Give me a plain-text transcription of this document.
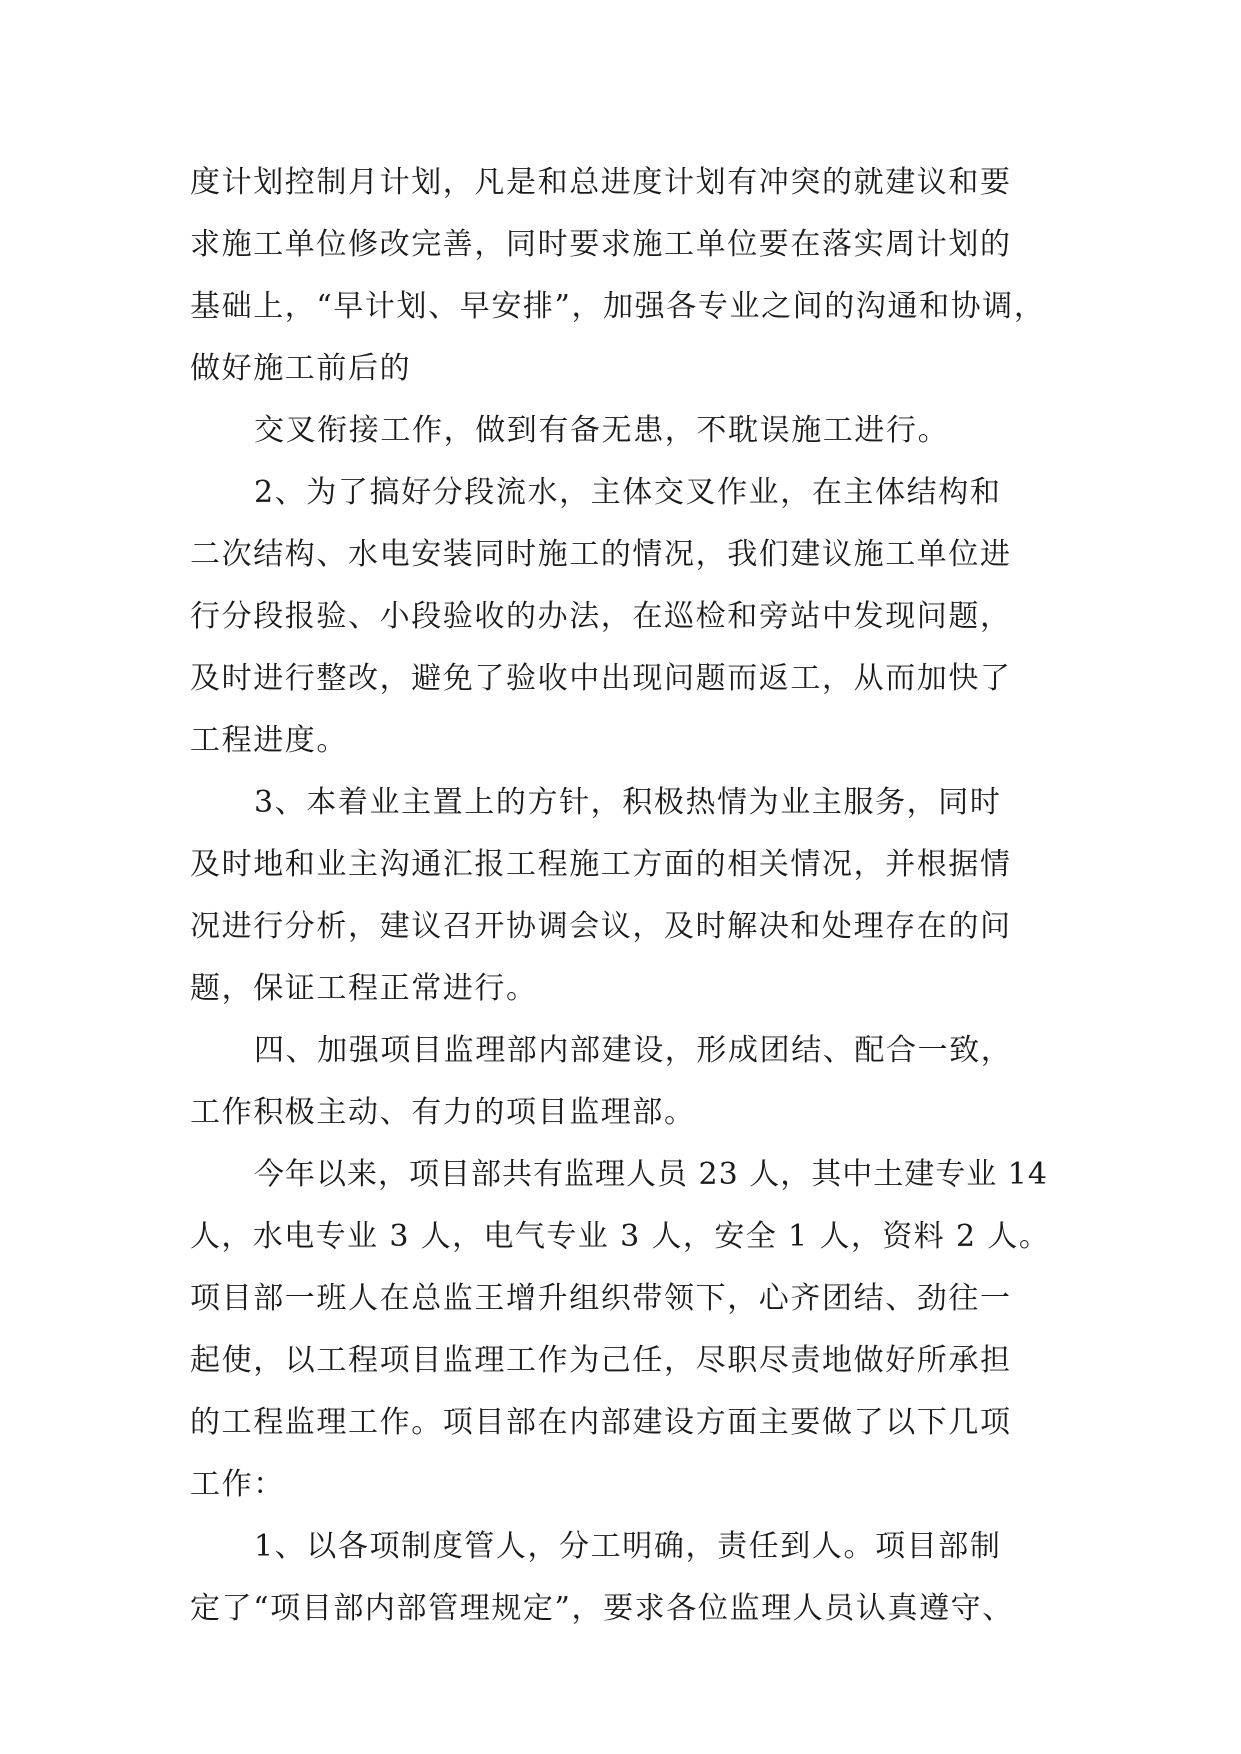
度计划控制月计划，凡是和总进度计划有冲突的就建议和要
求施工单位修改完善，同时要求施工单位要在落实周计划的
基础上，“早计划、早安排”，加强各专业之间的沟通和协调，
做好施工前后的
交叉衔接工作，做到有备无患，不耽误施工进行。
2、为了搞好分段流水，主体交叉作业，在主体结构和
二次结构、水电安装同时施工的情况，我们建议施工单位进
行分段报验、小段验收的办法，在巡检和旁站中发现问题，
及时进行整改，避免了验收中出现问题而返工，从而加快了
工程进度。
3、本着业主置上的方针，积极热情为业主服务，同时
及时地和业主沟通汇报工程施工方面的相关情况，并根据情
况进行分析，建议召开协调会议，及时解决和处理存在的问
题，保证工程正常进行。
四、加强项目监理部内部建设，形成团结、配合一致，
工作积极主动、有力的项目监理部。
今年以来，项目部共有监理人员 23 人，其中土建专业 14
人，水电专业 3 人，电气专业 3 人，安全 1 人，资料 2 人。
项目部一班人在总监王增升组织带领下，心齐团结、劲往一
起使，以工程项目监理工作为己任，尽职尽责地做好所承担
的工程监理工作。项目部在内部建设方面主要做了以下几项
工作：
1、以各项制度管人，分工明确，责任到人。项目部制
定了“项目部内部管理规定”，要求各位监理人员认真遵守、
